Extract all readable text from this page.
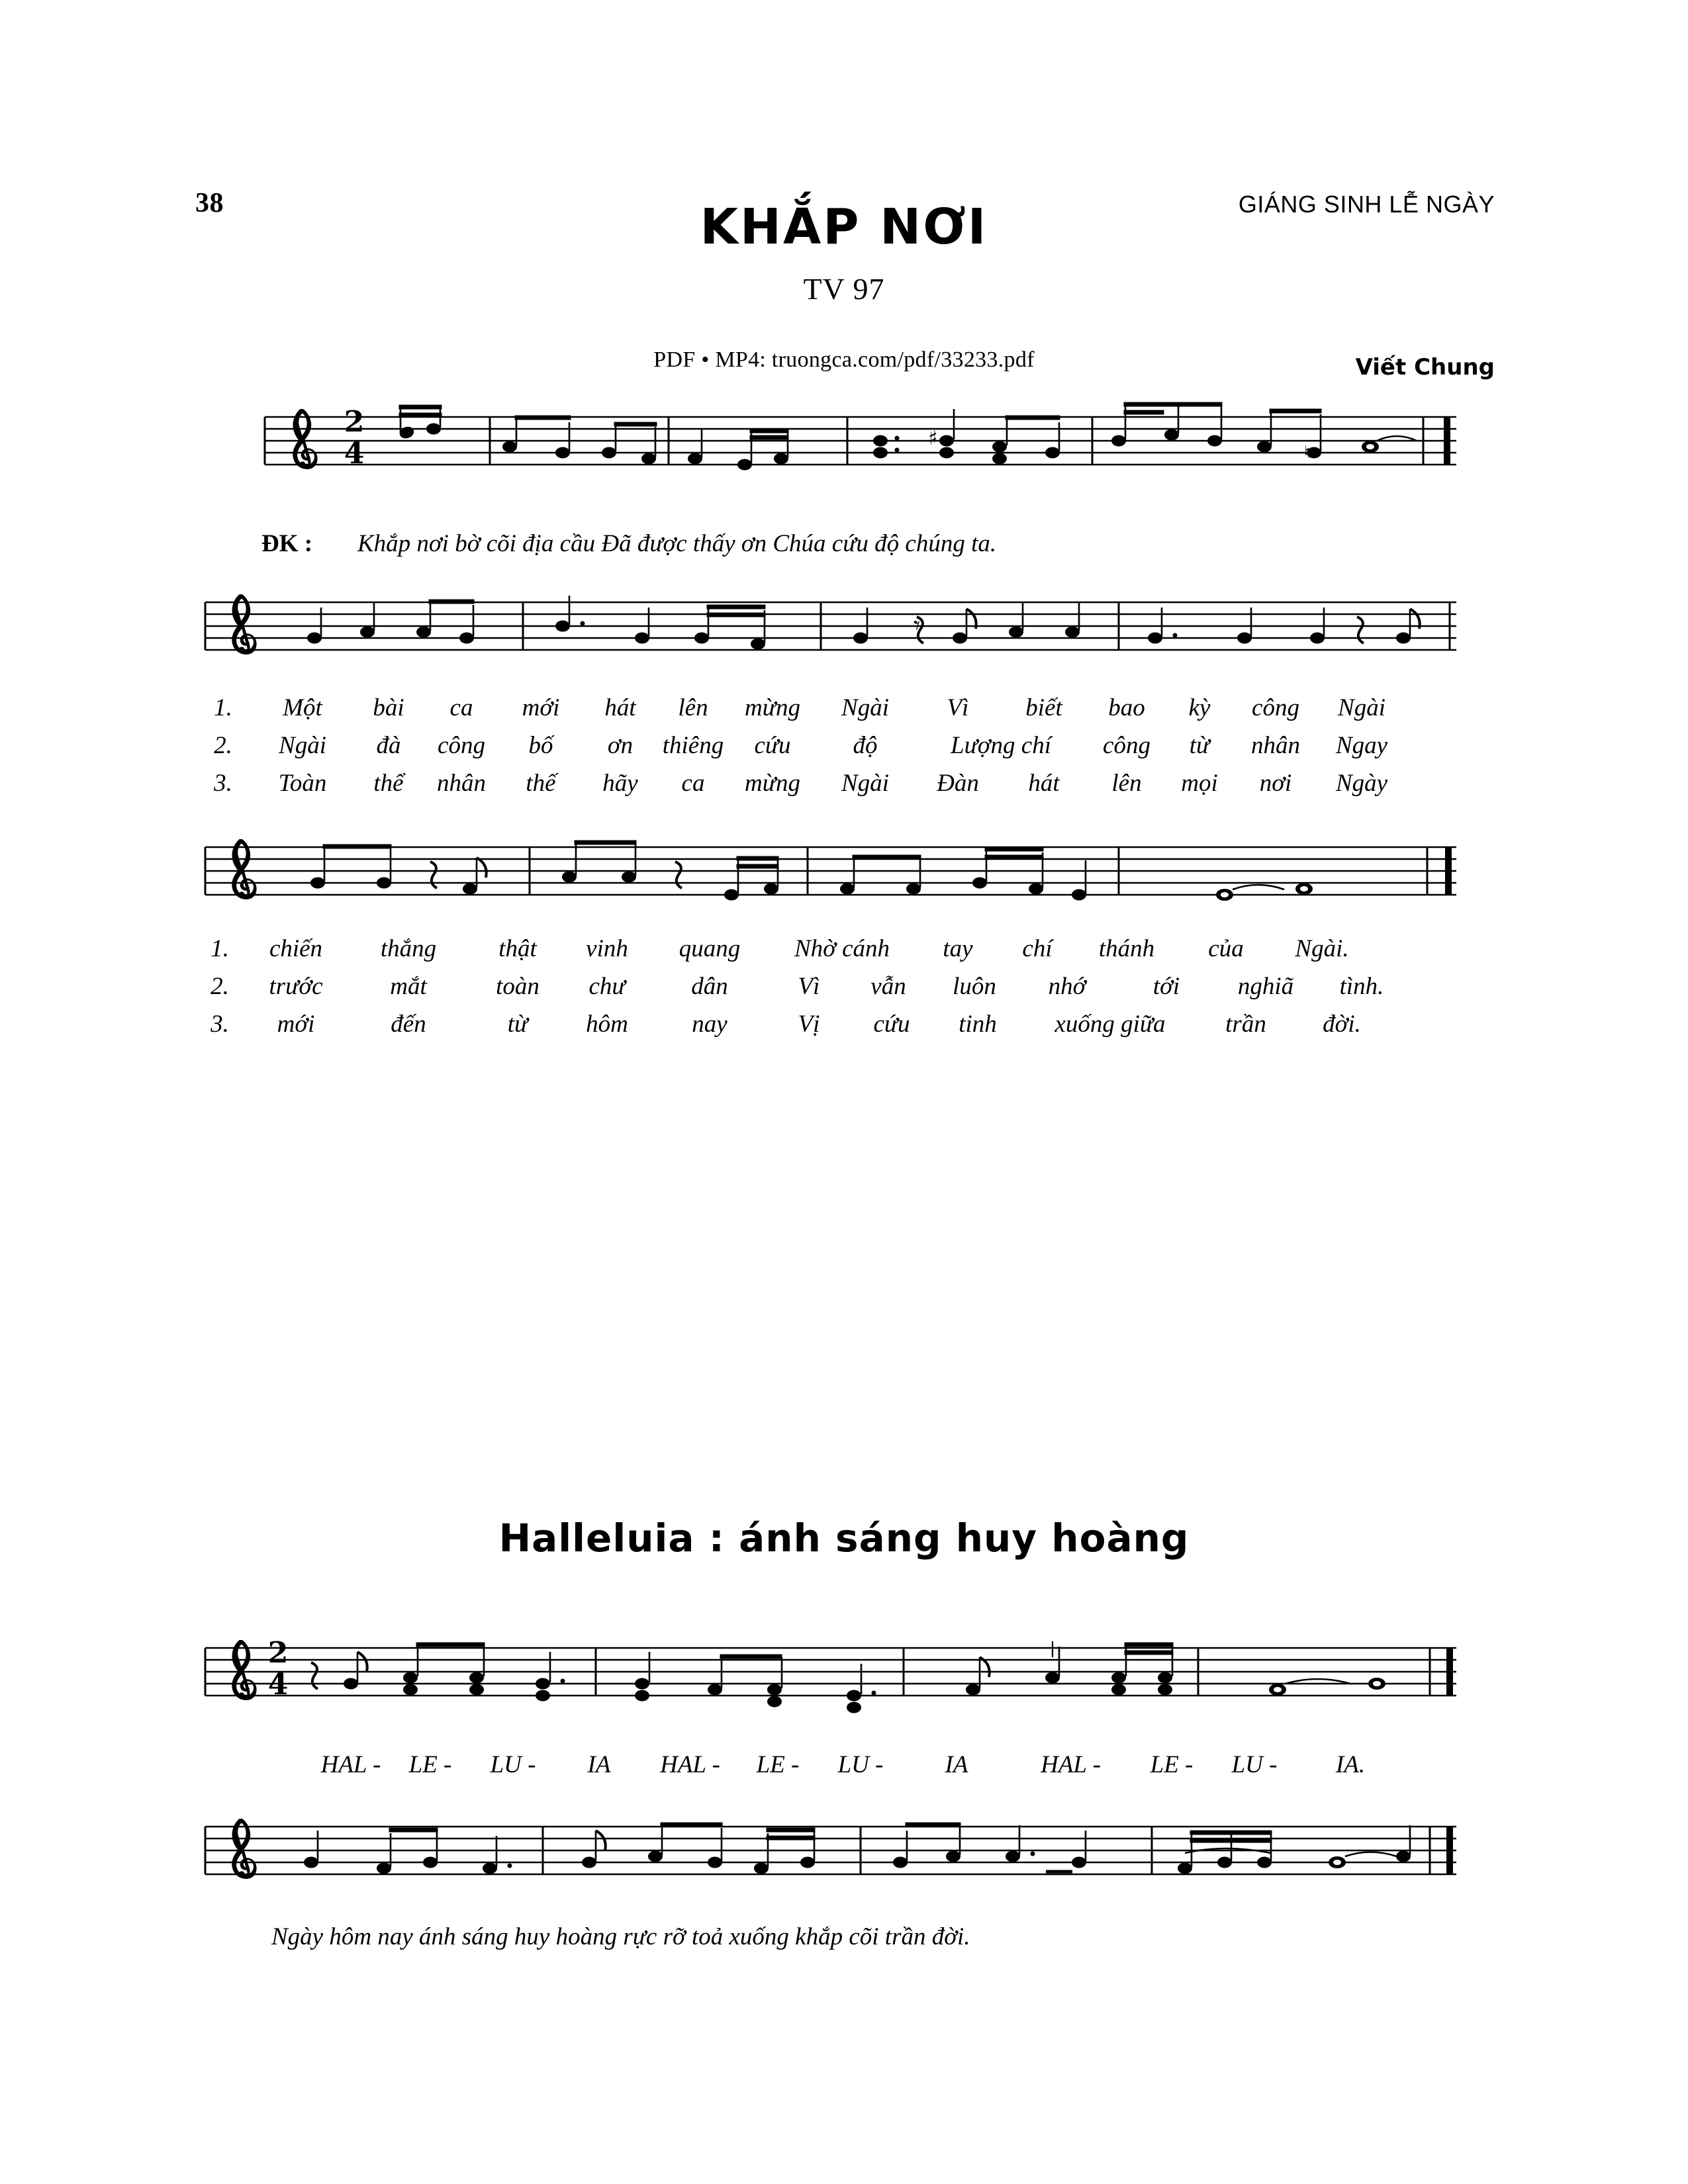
38	GIÁNG SINH LỄ NGÀY
KHẮP NƠI
TV 97
PDF • MP4: truongca.com/pdf/33233.pdf	Viết Chung
2
4	♯
♮
ĐK : Khắp nơi bờ cõi địa cầu Đã được thấy ơn Chúa cứu độ chúng ta.
𝄾
1.	Một	bài	ca	mới	hát	lên	mừng	Ngài	Vì	biết	bao	kỳ	công	Ngài
2.	Ngài	đà	công	bố	ơn	thiêng	cứu	độ	Lượng chí	công	từ	nhân	Ngay
3.	Toàn	thể	nhân	thế	hãy	ca	mừng	Ngài	Đàn	hát	lên	mọi	nơi	Ngày
1.	chiến	thắng	thật	vinh	quang	Nhờ cánh	tay	chí	thánh	của	Ngài.
2.	trước	mắt	toàn	chư	dân	Vì	vẫn	luôn	nhớ	tới	nghiã	tình.
3.	mới	đến	từ	hôm	nay	Vị	cứu	tinh	xuống giữa	trần	đời.
Halleluia : ánh sáng huy hoàng
2
4
HAL -	LE -	LU -	IA	HAL -	LE -	LU -	IA	HAL -	LE -	LU -	IA.
Ngày hôm nay ánh sáng huy hoàng rực rỡ toả xuống khắp cõi trần đời.
